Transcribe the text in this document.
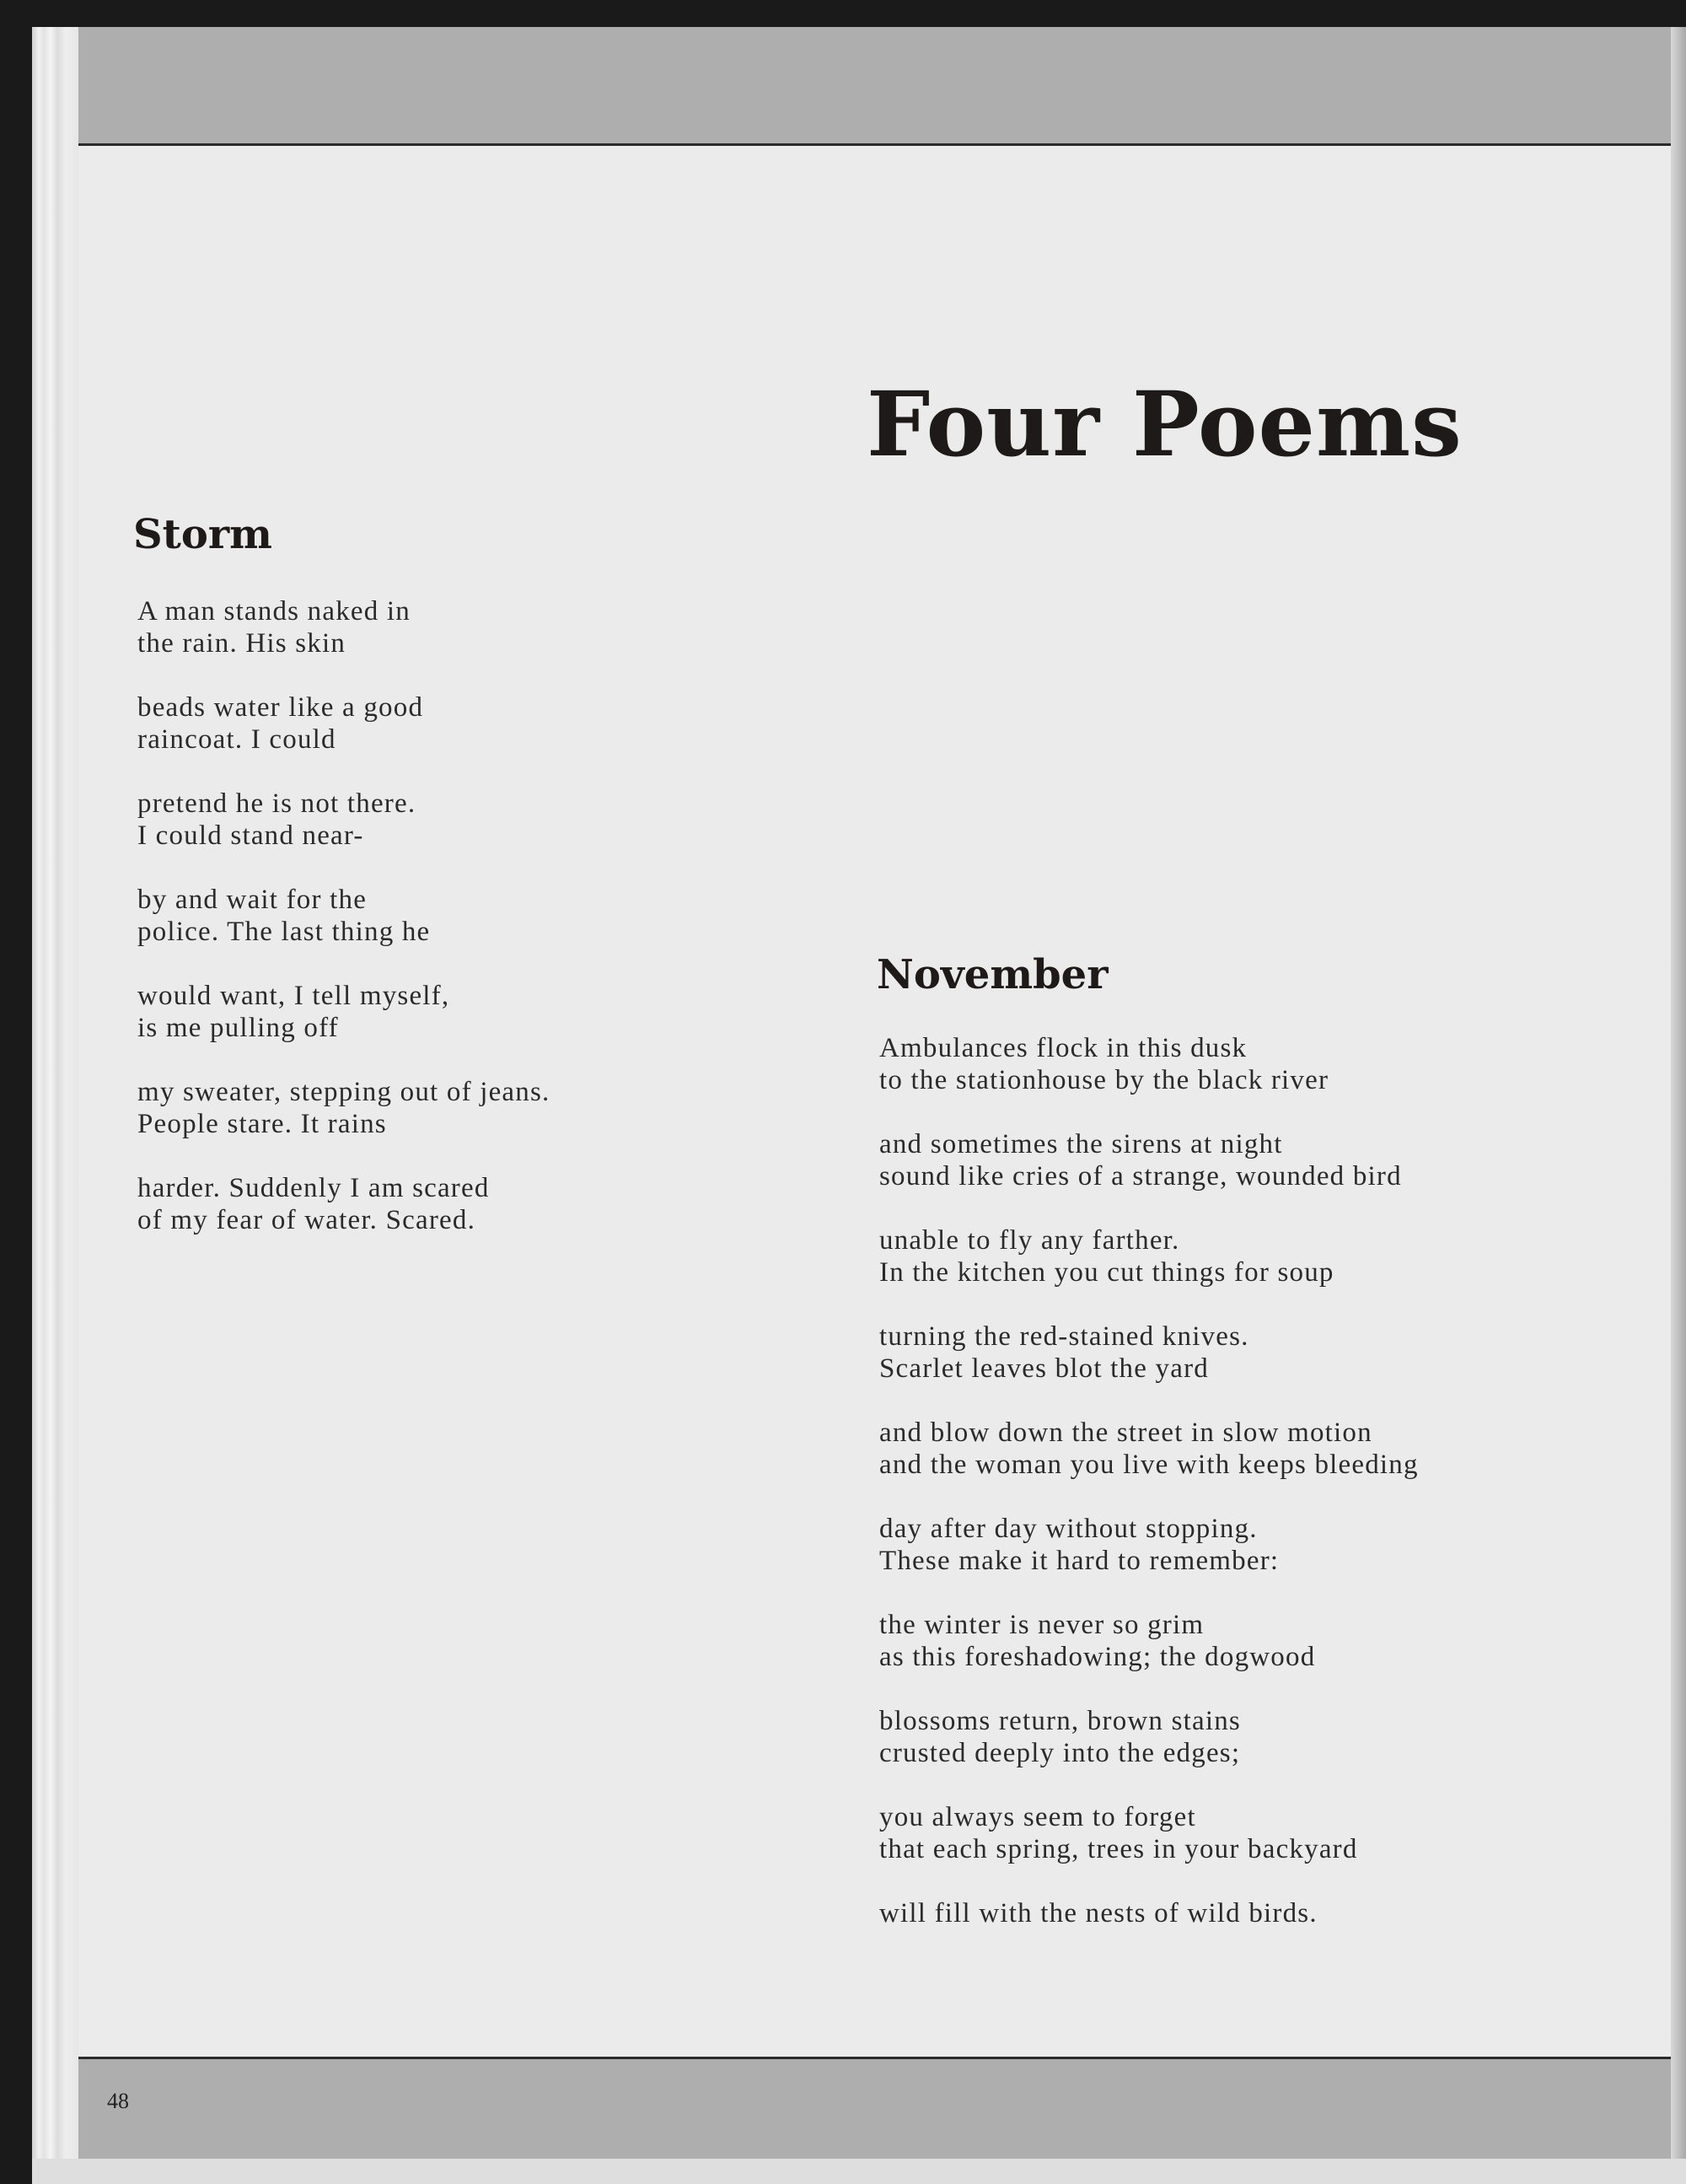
Four Poems
Storm

A man stands naked in
the rain. His skin

beads water like a good
raincoat. I could

pretend he is not there.
I could stand near-

by and wait for the
police. The last thing he

would want, I tell myself,
is me pulling off

my sweater, stepping out of jeans.
People stare. It rains

harder. Suddenly I am scared
of my fear of water. Scared.

November

Ambulances flock in this dusk
to the stationhouse by the black river

and sometimes the sirens at night
sound like cries of a strange, wounded bird

unable to fly any farther.
In the kitchen you cut things for soup

turning the red-stained knives.
Scarlet leaves blot the yard

and blow down the street in slow motion
and the woman you live with keeps bleeding

day after day without stopping.
These make it hard to remember:

the winter is never so grim
as this foreshadowing; the dogwood

blossoms return, brown stains
crusted deeply into the edges;

you always seem to forget
that each spring, trees in your backyard

will fill with the nests of wild birds.

48
